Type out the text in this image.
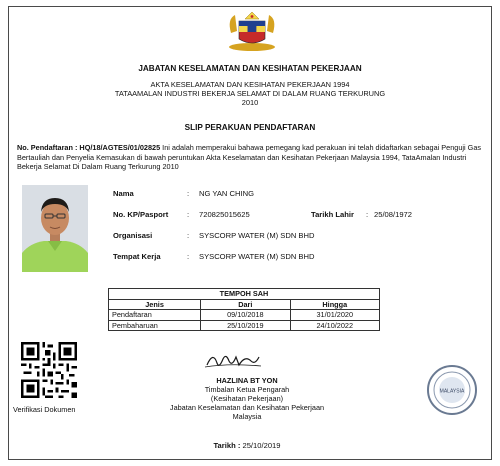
JABATAN KESELAMATAN DAN KESIHATAN PEKERJAAN
AKTA KESELAMATAN DAN KESIHATAN PEKERJAAN 1994
TATAAMALAN INDUSTRI BEKERJA SELAMAT DI DALAM RUANG TERKURUNG
2010
SLIP PERAKUAN PENDAFTARAN
No. Pendaftaran : HQ/18/AGTES/01/02825 Ini adalah memperakui bahawa pemegang kad perakuan ini telah didaftarkan sebagai Penguji Gas Bertauliah dan Penyelia Kemasukan di bawah peruntukan Akta Keselamatan dan Kesihatan Pekerjaan Malaysia 1994, TataAmalan Industri Bekerja Selamat Di Dalam Ruang Terkurung 2010
Nama	: NG YAN CHING
No. KP/Pasport : 720825015625	Tarikh Lahir : 25/08/1972
Organisasi	: SYSCORP WATER (M) SDN BHD
Tempat Kerja	: SYSCORP WATER (M) SDN BHD
TEMPOH SAH		
Jenis	Dari	Hingga
Pendaftaran	09/10/2018	31/01/2020
Pembaharuan	25/10/2019	24/10/2022
Verifikasi Dokumen
HAZLINA BT YON
Timbalan Ketua Pengarah
(Kesihatan Pekerjaan)
Jabatan Keselamatan dan Kesihatan Pekerjaan
Malaysia
MALAYSIA
Tarikh : 25/10/2019
